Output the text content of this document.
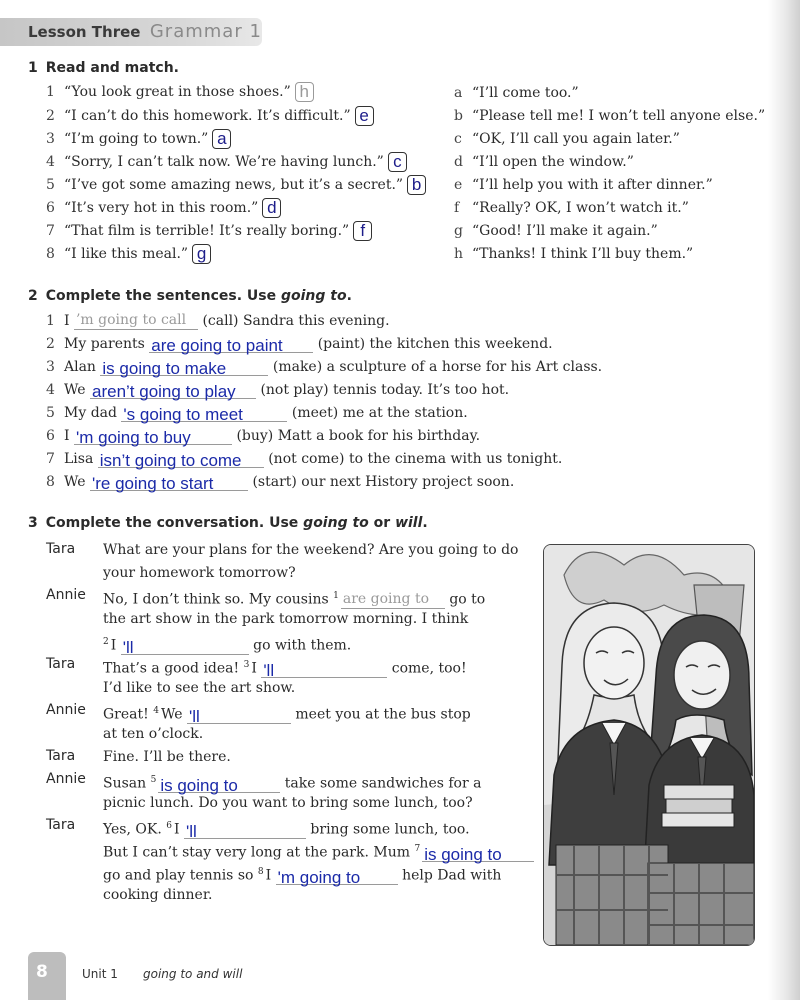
Lesson Three Grammar 1
1 Read and match.
1 “You look great in those shoes.” h
2 “I can’t do this homework. It’s difficult.” e
3 “I’m going to town.” a
4 “Sorry, I can’t talk now. We’re having lunch.” c
5 “I’ve got some amazing news, but it’s a secret.” b
6 “It’s very hot in this room.” d
7 “That film is terrible! It’s really boring.” f
8 “I like this meal.” g
a “I’ll come too.”
b “Please tell me! I won’t tell anyone else.”
c “OK, I’ll call you again later.”
d “I’ll open the window.”
e “I’ll help you with it after dinner.”
f “Really? OK, I won’t watch it.”
g “Good! I’ll make it again.”
h “Thanks! I think I’ll buy them.”
2 Complete the sentences. Use going to.
1 I ’m going to call (call) Sandra this evening.
2 My parents are going to paint	(paint) the kitchen this weekend.
3 Alan is going to make	(make) a sculpture of a horse for his Art class.
4 We aren’t going to play (not play) tennis today. It’s too hot.
5 My dad 's going to meet	(meet) me at the station.
6 I 'm going to buy	(buy) Matt a book for his birthday.
7 Lisa isn’t going to come (not come) to the cinema with us tonight.
8 We 're going to start	(start) our next History project soon.
3 Complete the conversation. Use going to or will.
Tara What are your plans for the weekend? Are you going to do
your homework tomorrow?
Annie No, I don’t think so. My cousins $^1$ are going to go to
the art show in the park tomorrow morning. I think
$^2$ I 'll	go with them.
Tara That’s a good idea! $^3$ I 'll	come, too!
I’d like to see the art show.
Annie Great! $^4$ We 'll	meet you at the bus stop
at ten o’clock.
Tara Fine. I’ll be there.
Annie Susan $^5$ is going to	take some sandwiches for a
picnic lunch. Do you want to bring some lunch, too?
Tara Yes, OK. $^6$ I 'll	bring some lunch, too.
But I can’t stay very long at the park. Mum $^7$ is going to
go and play tennis so $^8$ I 'm going to	help Dad with
cooking dinner.
8	Unit 1 going to and will
